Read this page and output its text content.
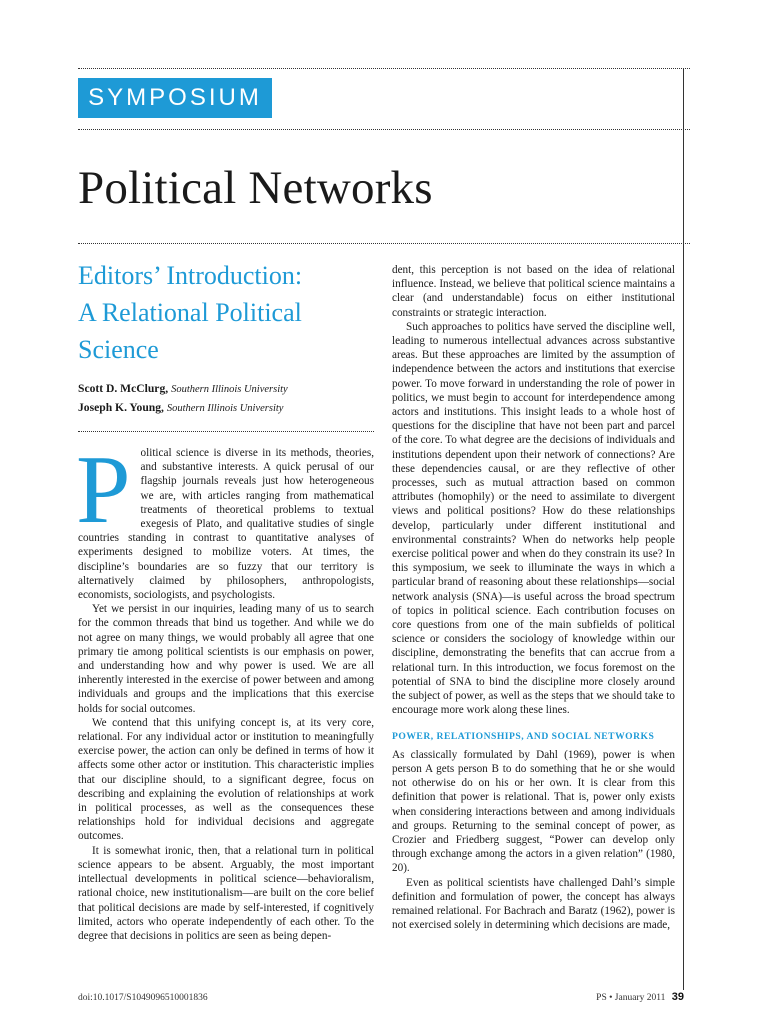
SYMPOSIUM
Political Networks
Editors’ Introduction:
A Relational Political
Science
Scott D. McClurg, Southern Illinois University
Joseph K. Young, Southern Illinois University

Political science is diverse in its methods, theories, and substantive interests. A quick perusal of our flagship journals reveals just how heterogeneous we are, with articles ranging from mathematical treatments of theoretical problems to textual exegesis of Plato, and qualitative studies of single countries standing in contrast to quantitative analyses of experiments designed to mobilize voters. At times, the discipline’s boundaries are so fuzzy that our territory is alternatively claimed by philosophers, anthropologists, economists, sociologists, and psychologists.

Yet we persist in our inquiries, leading many of us to search for the common threads that bind us together. And while we do not agree on many things, we would probably all agree that one primary tie among political scientists is our emphasis on power, and understanding how and why power is used. We are all inherently interested in the exercise of power between and among individuals and groups and the implications that this exercise holds for social outcomes.

We contend that this unifying concept is, at its very core, relational. For any individual actor or institution to meaningfully exercise power, the action can only be defined in terms of how it affects some other actor or institution. This characteristic implies that our discipline should, to a significant degree, focus on describing and explaining the evolution of relationships at work in political processes, as well as the consequences these relationships hold for individual decisions and aggregate outcomes.

It is somewhat ironic, then, that a relational turn in political science appears to be absent. Arguably, the most important intellectual developments in political science—behavioralism, rational choice, new institutionalism—are built on the core belief that political decisions are made by self-interested, if cognitively limited, actors who operate independently of each other. To the degree that decisions in politics are seen as being depen-

dent, this perception is not based on the idea of relational influence. Instead, we believe that political science maintains a clear (and understandable) focus on either institutional constraints or strategic interaction.

Such approaches to politics have served the discipline well, leading to numerous intellectual advances across substantive areas. But these approaches are limited by the assumption of independence between the actors and institutions that exercise power. To move forward in understanding the role of power in politics, we must begin to account for interdependence among actors and institutions. This insight leads to a whole host of questions for the discipline that have not been part and parcel of the core. To what degree are the decisions of individuals and institutions dependent upon their network of connections? Are these dependencies causal, or are they reflective of other processes, such as mutual attraction based on common attributes (homophily) or the need to assimilate to divergent views and political positions? How do these relationships develop, particularly under different institutional and environmental constraints? When do networks help people exercise political power and when do they constrain its use? In this symposium, we seek to illuminate the ways in which a particular brand of reasoning about these relationships—social network analysis (SNA)—is useful across the broad spectrum of topics in political science. Each contribution focuses on core questions from one of the main subfields of political science or considers the sociology of knowledge within our discipline, demonstrating the benefits that can accrue from a relational turn. In this introduction, we focus foremost on the potential of SNA to bind the discipline more closely around the subject of power, as well as the steps that we should take to encourage more work along these lines.

POWER, RELATIONSHIPS, AND SOCIAL NETWORKS

As classically formulated by Dahl (1969), power is when person A gets person B to do something that he or she would not otherwise do on his or her own. It is clear from this definition that power is relational. That is, power only exists when considering interactions between and among individuals and groups. Returning to the seminal concept of power, as Crozier and Friedberg suggest, “Power can develop only through exchange among the actors in a given relation” (1980, 20).

Even as political scientists have challenged Dahl’s simple definition and formulation of power, the concept has always remained relational. For Bachrach and Baratz (1962), power is not exercised solely in determining which decisions are made,

doi:10.1017/S1049096510001836	PS • January 2011 39
